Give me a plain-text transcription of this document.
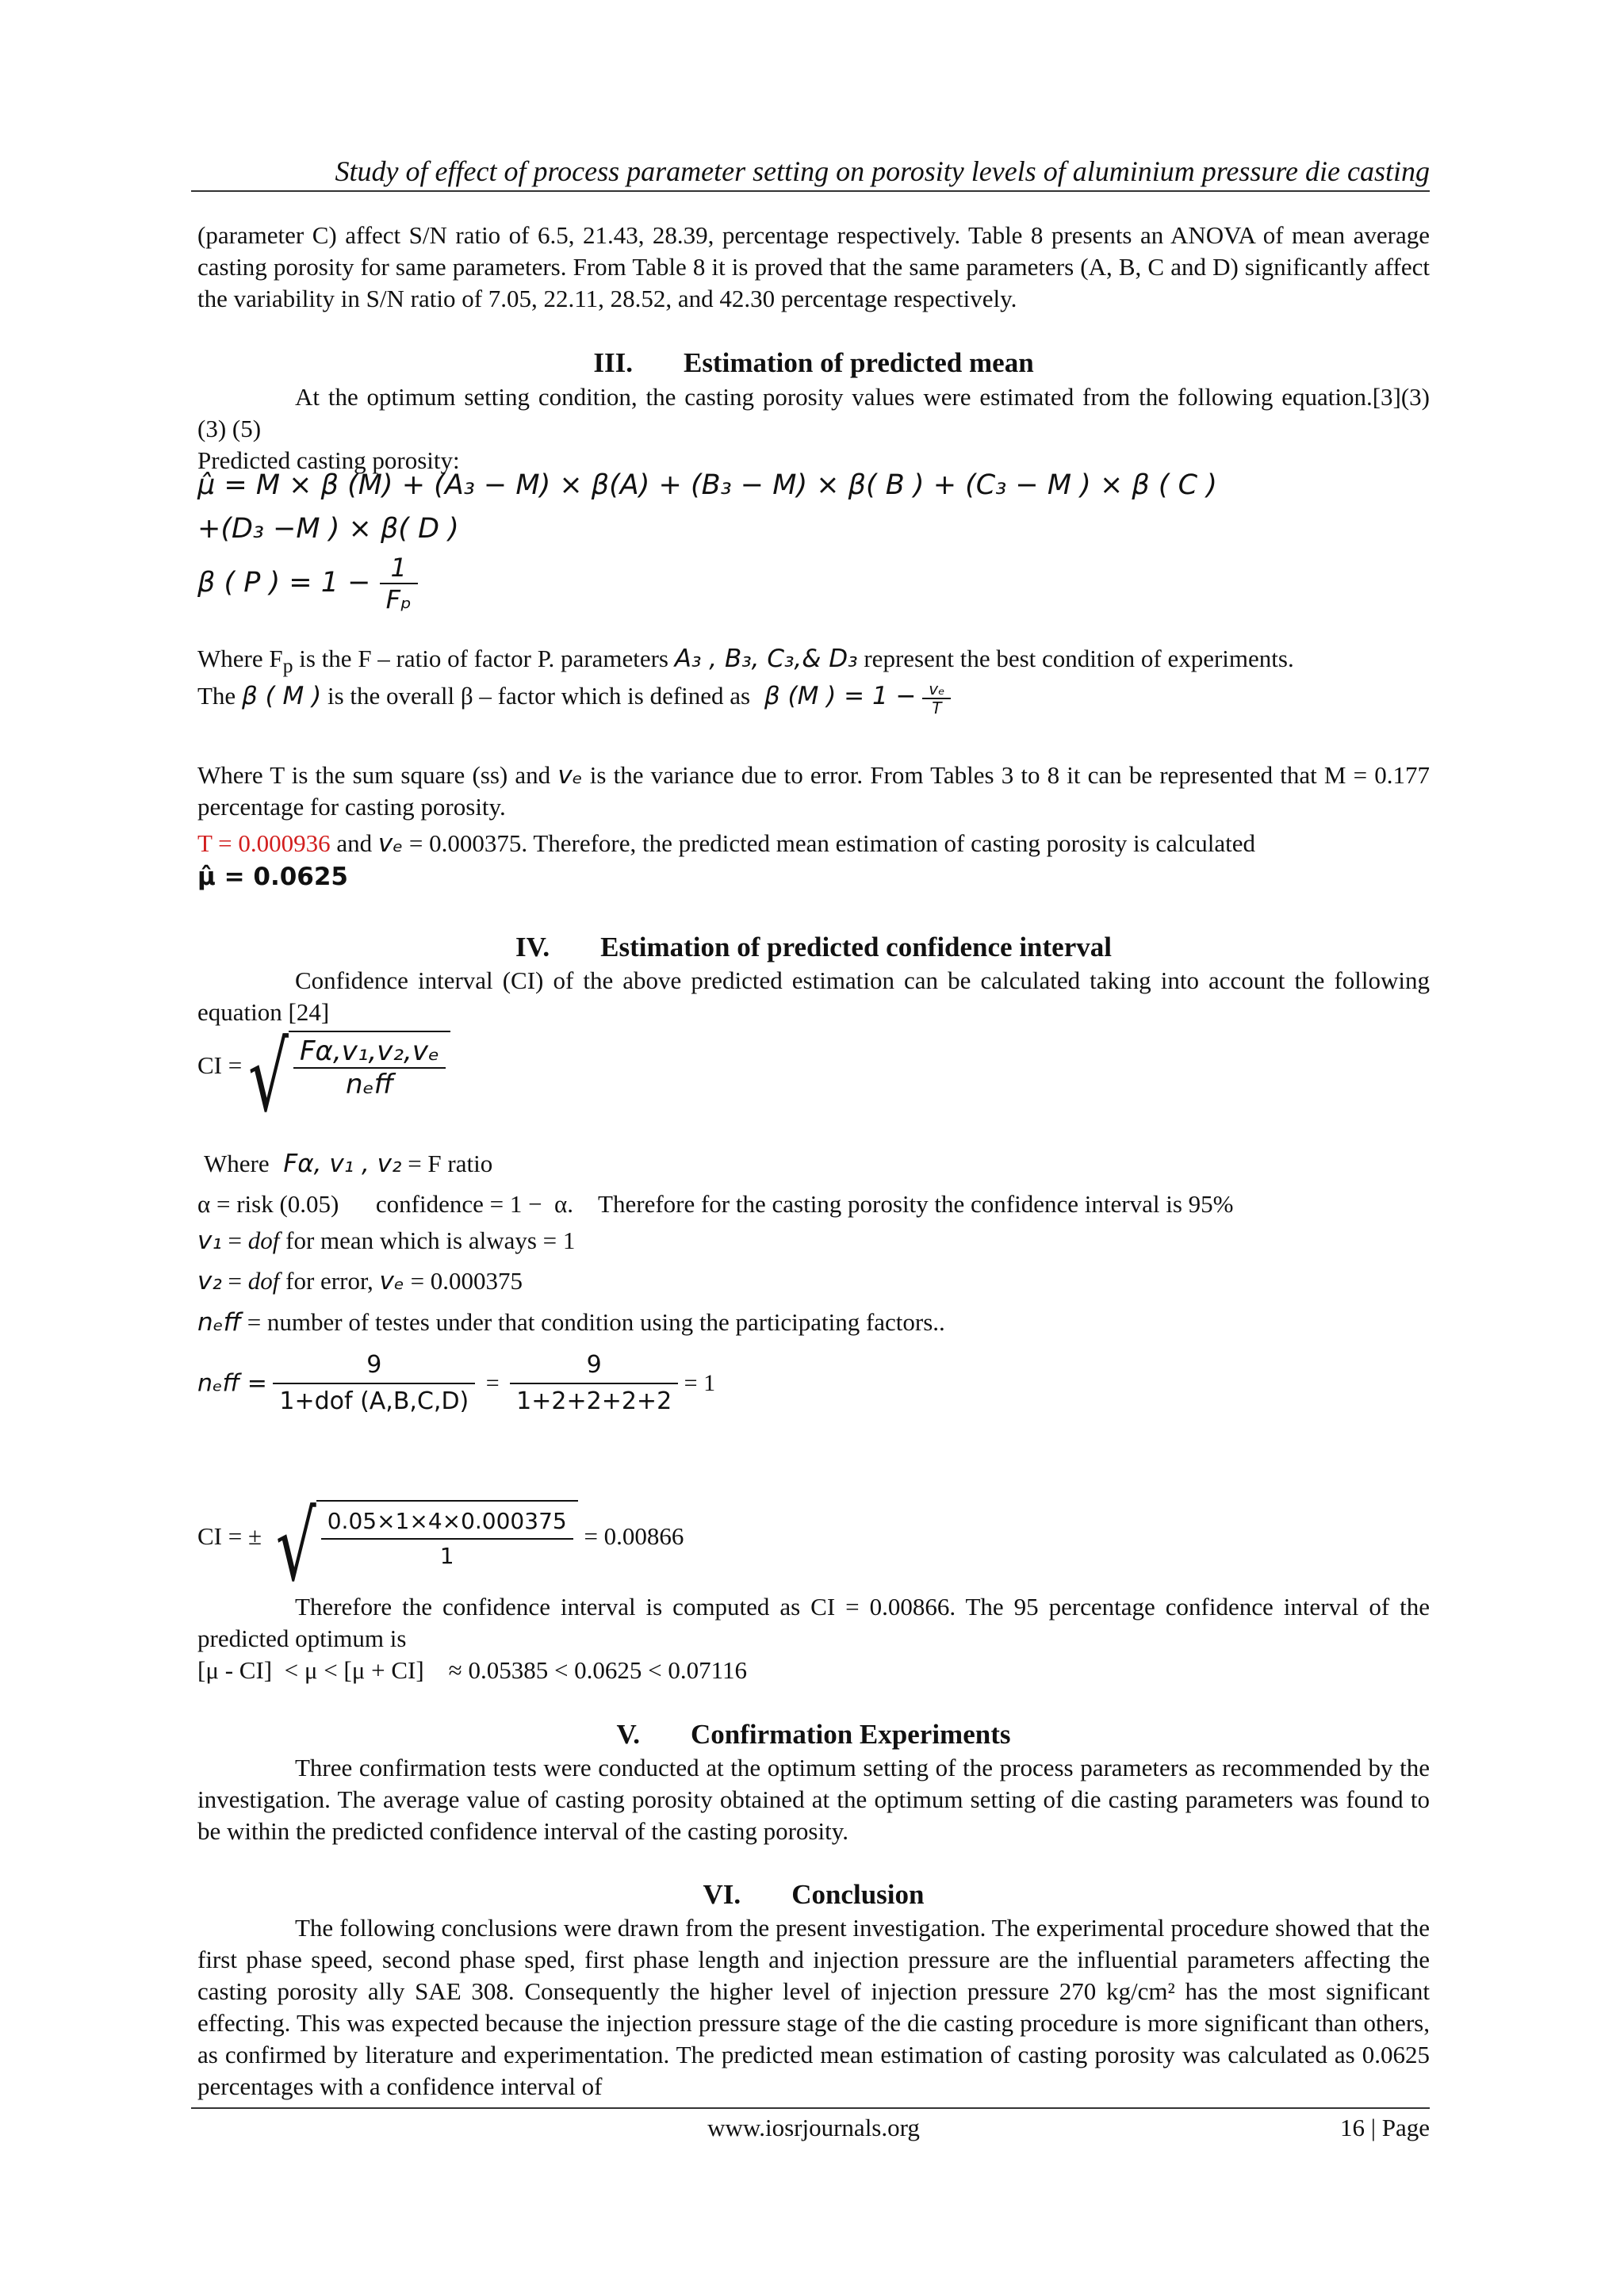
Study of effect of process parameter setting on porosity levels of aluminium pressure die casting
(parameter C) affect S/N ratio of 6.5, 21.43, 28.39, percentage respectively. Table 8 presents an ANOVA of mean average casting porosity for same parameters. From Table 8 it is proved that the same parameters (A, B, C and D) significantly affect the variability in S/N ratio of 7.05, 22.11, 28.52, and 42.30 percentage respectively.
III. Estimation of predicted mean
At the optimum setting condition, the casting porosity values were estimated from the following equation.[3](3) (3) (5)
Predicted casting porosity:
μ̂ = M × β (M) + (A₃ − M) × β(A) + (B₃ − M) × β( B ) + (C₃ − M ) × β ( C )
+(D₃ −M ) × β( D )
β ( P ) = $1 - \frac{1}{\text{Fₚ}}$
Where $F_p$ is the F – ratio of factor P. parameters A₃ , B₃, C₃,& D₃ represent the best condition of experiments.
The β ( M ) is the overall β – factor which is defined as β (M ) = $1 - \frac{\text{vₑ}}{T}$
Where T is the sum square (ss) and vₑ is the variance due to error. From Tables 3 to 8 it can be represented that M = 0.177 percentage for casting porosity.
T = 0.000936 and vₑ = 0.000375. Therefore, the predicted mean estimation of casting porosity is calculated
μ̂ = 0.0625
IV. Estimation of predicted confidence interval
Confidence interval (CI) of the above predicted estimation can be calculated taking into account the following equation [24]
CI = √ $\frac{\text{Fα,v₁,v₂,vₑ}}{\text{nₑff}}$
Where Fα, v₁ , v₂ = F ratio
α = risk (0.05)      confidence = 1 −  α.    Therefore for the casting porosity the confidence interval is 95%
v₁ = dof for mean which is always = 1
v₂ = dof for error, vₑ = 0.000375
nₑff = number of testes under that condition using the participating factors..
$n_eff = \frac{9}{\text{1+dof (A,B,C,D)}} = \frac{9}{1+2+2+2+2} = 1$
CI = ± √ $\frac{0.05\times 1\times 4\times 0.000375}{1} = 0.00866$
Therefore the confidence interval is computed as CI = 0.00866. The 95 percentage confidence interval of the predicted optimum is
[μ - CI]  < μ < [μ + CI]    ≈ 0.05385 < 0.0625 < 0.07116
V. Confirmation Experiments
Three confirmation tests were conducted at the optimum setting of the process parameters as recommended by the investigation. The average value of casting porosity obtained at the optimum setting of die casting parameters was found to be within the predicted confidence interval of the casting porosity.
VI. Conclusion
The following conclusions were drawn from the present investigation. The experimental procedure showed that the first phase speed, second phase sped, first phase length and injection pressure are the influential parameters affecting the casting porosity ally SAE 308. Consequently the higher level of injection pressure 270 kg/cm² has the most significant effecting. This was expected because the injection pressure stage of the die casting procedure is more significant than others, as confirmed by literature and experimentation. The predicted mean estimation of casting porosity was calculated as 0.0625 percentages with a confidence interval of
www.iosrjournals.org	16 | Page
